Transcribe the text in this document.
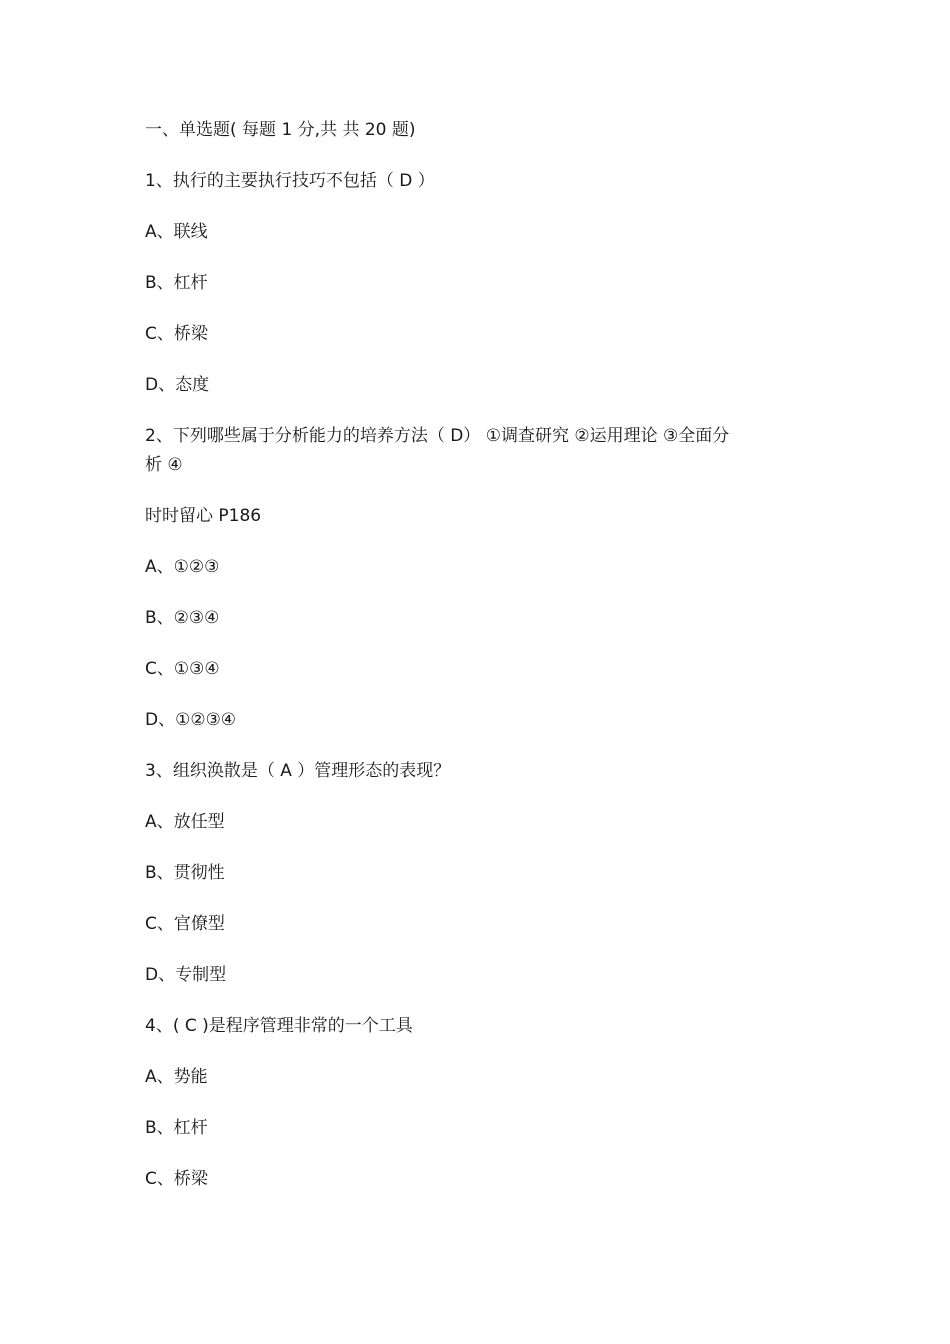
一、单选题( 每题 1 分,共 共 20 题)
1、执行的主要执行技巧不包括（ D ）
A、联线
B、杠杆
C、桥梁
D、态度
2、下列哪些属于分析能力的培养方法（ D） ①调查研究 ②运用理论 ③全面分
析 ④
时时留心 P186
A、①②③
B、②③④
C、①③④
D、①②③④
3、组织涣散是（ A ）管理形态的表现？
A、放任型
B、贯彻性
C、官僚型
D、专制型
4、( C )是程序管理非常的一个工具
A、势能
B、杠杆
C、桥梁
